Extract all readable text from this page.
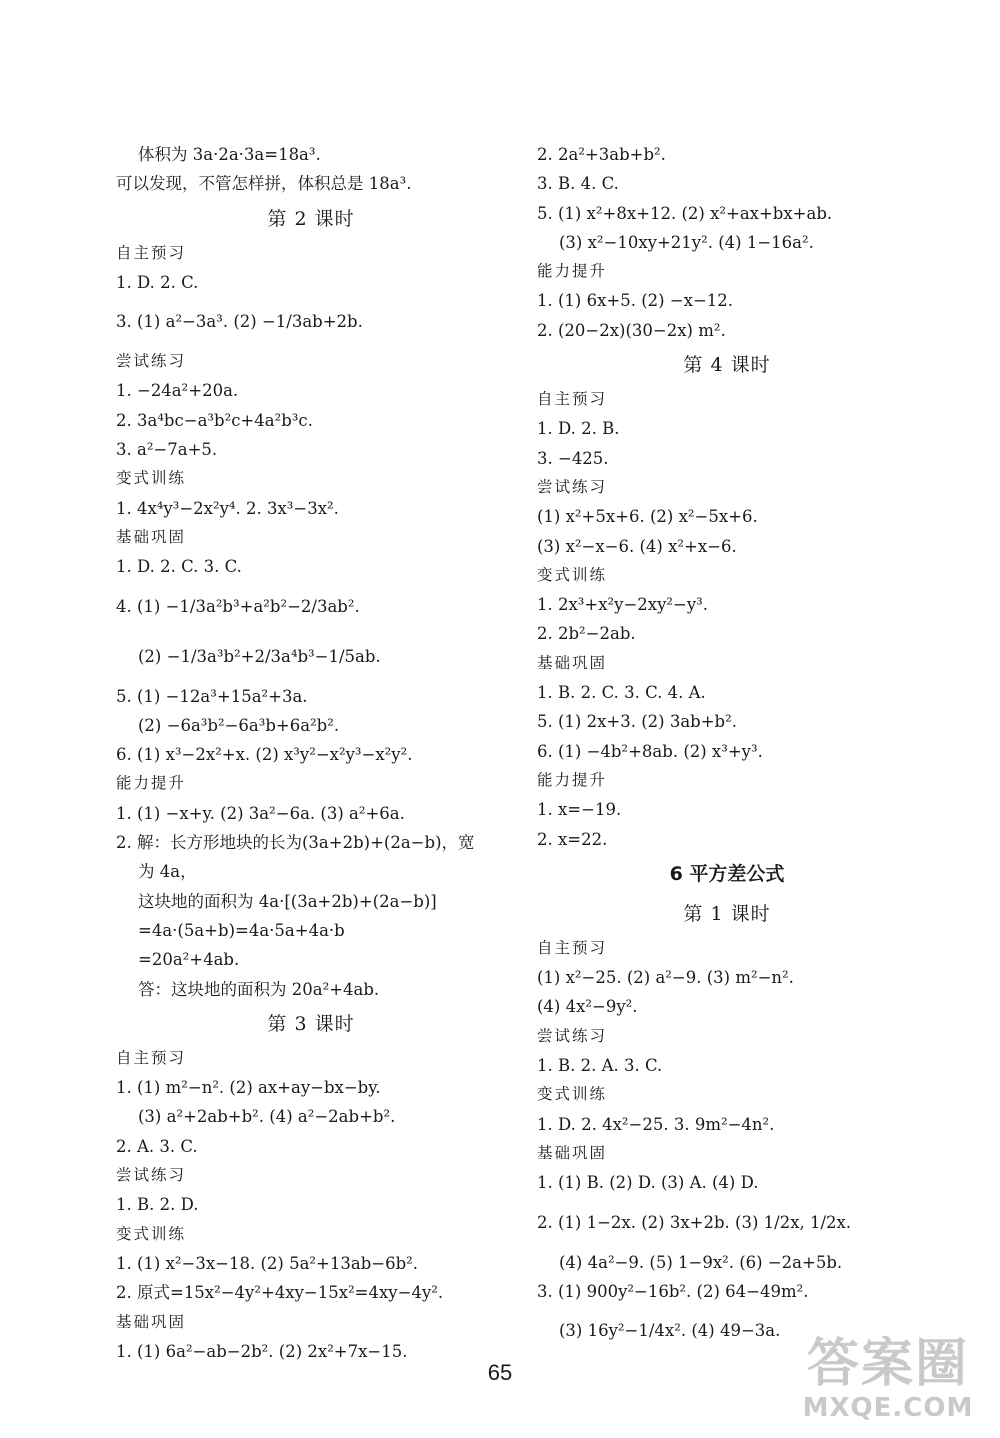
体积为 3a·2a·3a=18a³.
可以发现，不管怎样拼，体积总是 18a³.
第 2 课时
自主预习
1. D. 2. C.
3. (1) a²−3a³. (2) −1/3ab+2b.
尝试练习
1. −24a²+20a.
2. 3a⁴bc−a³b²c+4a²b³c.
3. a²−7a+5.
变式训练
1. 4x⁴y³−2x²y⁴. 2. 3x³−3x².
基础巩固
1. D. 2. C. 3. C.
4. (1) −1/3a²b³+a²b²−2/3ab².
(2) −1/3a³b²+2/3a⁴b³−1/5ab.
5. (1) −12a³+15a²+3a.
(2) −6a³b²−6a³b+6a²b².
6. (1) x³−2x²+x. (2) x³y²−x²y³−x²y².
能力提升
1. (1) −x+y. (2) 3a²−6a. (3) a²+6a.
2. 解：长方形地块的长为(3a+2b)+(2a−b)，宽
为 4a，
这块地的面积为 4a·[(3a+2b)+(2a−b)]
=4a·(5a+b)=4a·5a+4a·b
=20a²+4ab.
答：这块地的面积为 20a²+4ab.
第 3 课时
自主预习
1. (1) m²−n². (2) ax+ay−bx−by.
(3) a²+2ab+b². (4) a²−2ab+b².
2. A. 3. C.
尝试练习
1. B. 2. D.
变式训练
1. (1) x²−3x−18. (2) 5a²+13ab−6b².
2. 原式=15x²−4y²+4xy−15x²=4xy−4y².
基础巩固
1. (1) 6a²−ab−2b². (2) 2x²+7x−15.
2. 2a²+3ab+b².
3. B. 4. C.
5. (1) x²+8x+12. (2) x²+ax+bx+ab.
(3) x²−10xy+21y². (4) 1−16a².
能力提升
1. (1) 6x+5. (2) −x−12.
2. (20−2x)(30−2x) m².
第 4 课时
自主预习
1. D. 2. B.
3. −425.
尝试练习
(1) x²+5x+6. (2) x²−5x+6.
(3) x²−x−6. (4) x²+x−6.
变式训练
1. 2x³+x²y−2xy²−y³.
2. 2b²−2ab.
基础巩固
1. B. 2. C. 3. C. 4. A.
5. (1) 2x+3. (2) 3ab+b².
6. (1) −4b²+8ab. (2) x³+y³.
能力提升
1. x=−19.
2. x=22.
6 平方差公式
第 1 课时
自主预习
(1) x²−25. (2) a²−9. (3) m²−n².
(4) 4x²−9y².
尝试练习
1. B. 2. A. 3. C.
变式训练
1. D. 2. 4x²−25. 3. 9m²−4n².
基础巩固
1. (1) B. (2) D. (3) A. (4) D.
2. (1) 1−2x. (2) 3x+2b. (3) 1/2x, 1/2x.
(4) 4a²−9. (5) 1−9x². (6) −2a+5b.
3. (1) 900y²−16b². (2) 64−49m².
(3) 16y²−1/4x². (4) 49−3a.
65	答案圈
MXQE.COM
